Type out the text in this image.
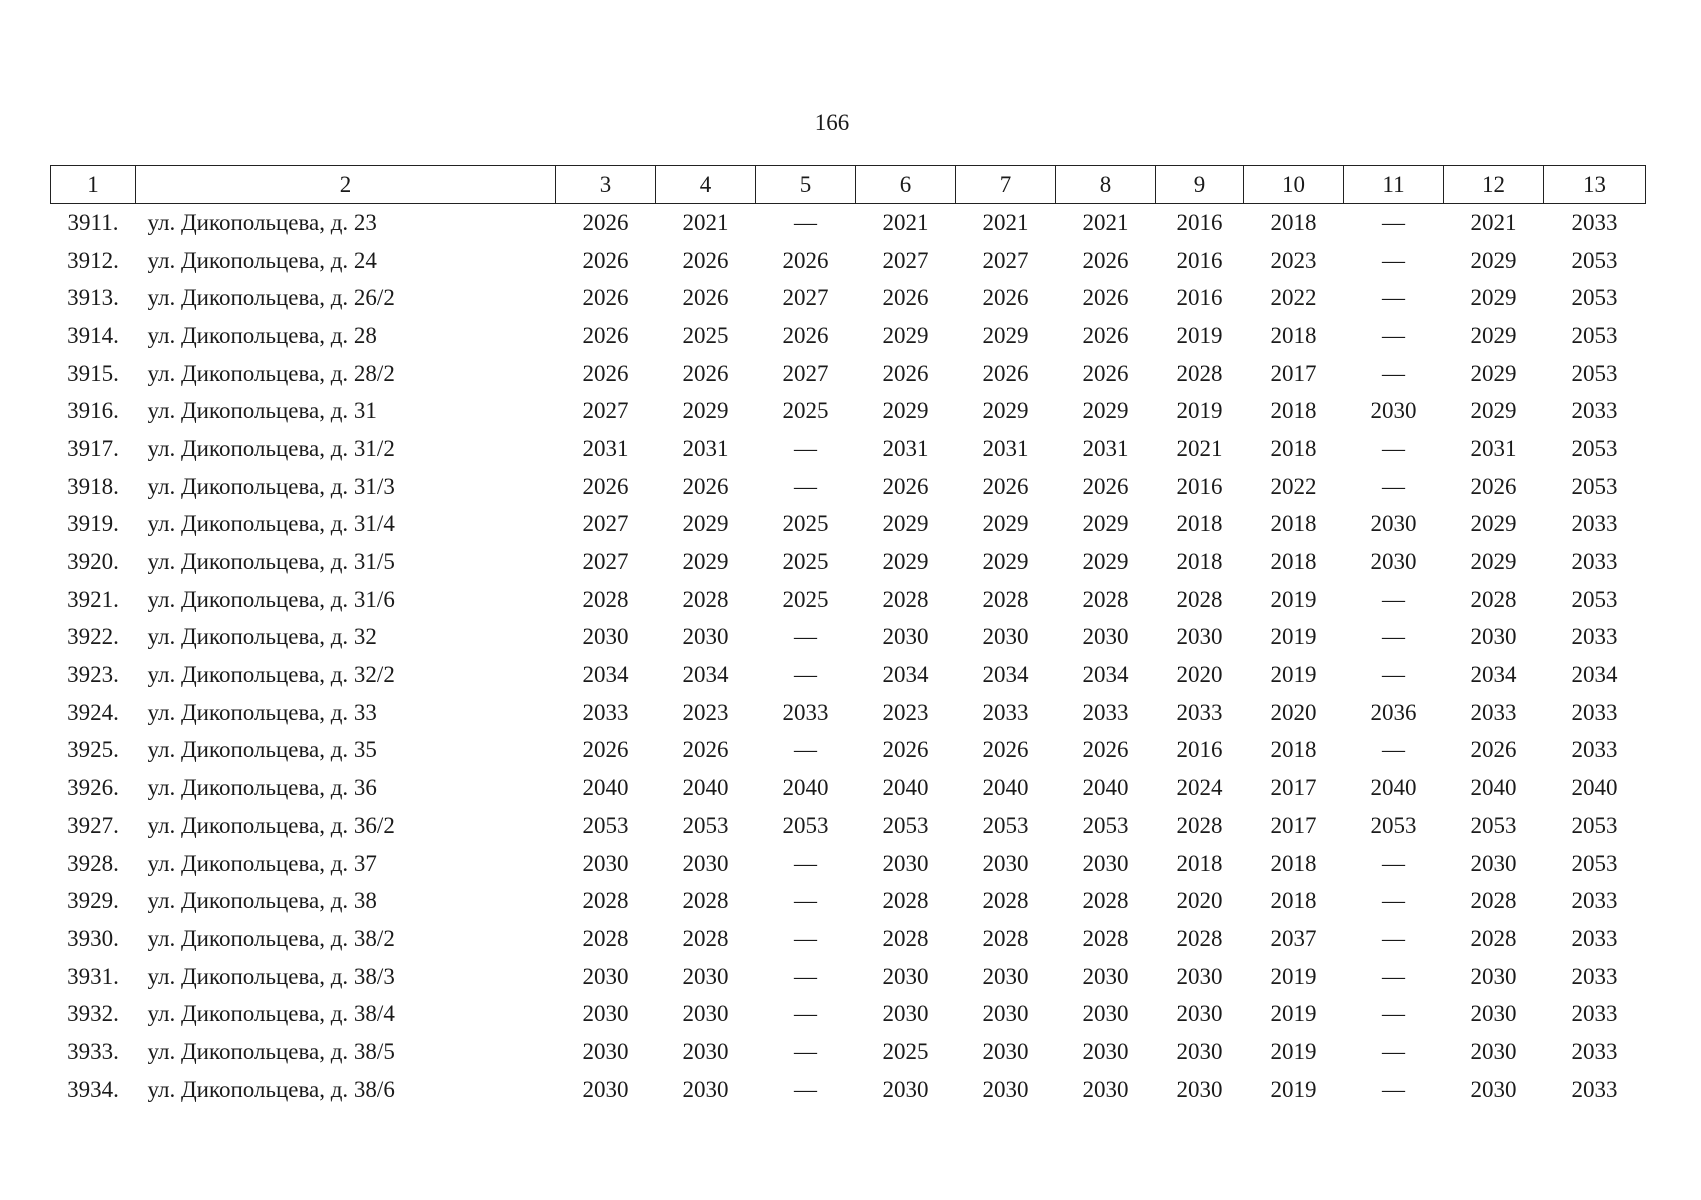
166
1	2	3	4	5	6	7	8	9	10	11	12	13
3911.	ул. Дикопольцева, д. 23	2026	2021	—	2021	2021	2021	2016	2018	—	2021	2033
3912.	ул. Дикопольцева, д. 24	2026	2026	2026	2027	2027	2026	2016	2023	—	2029	2053
3913.	ул. Дикопольцева, д. 26/2	2026	2026	2027	2026	2026	2026	2016	2022	—	2029	2053
3914.	ул. Дикопольцева, д. 28	2026	2025	2026	2029	2029	2026	2019	2018	—	2029	2053
3915.	ул. Дикопольцева, д. 28/2	2026	2026	2027	2026	2026	2026	2028	2017	—	2029	2053
3916.	ул. Дикопольцева, д. 31	2027	2029	2025	2029	2029	2029	2019	2018	2030	2029	2033
3917.	ул. Дикопольцева, д. 31/2	2031	2031	—	2031	2031	2031	2021	2018	—	2031	2053
3918.	ул. Дикопольцева, д. 31/3	2026	2026	—	2026	2026	2026	2016	2022	—	2026	2053
3919.	ул. Дикопольцева, д. 31/4	2027	2029	2025	2029	2029	2029	2018	2018	2030	2029	2033
3920.	ул. Дикопольцева, д. 31/5	2027	2029	2025	2029	2029	2029	2018	2018	2030	2029	2033
3921.	ул. Дикопольцева, д. 31/6	2028	2028	2025	2028	2028	2028	2028	2019	—	2028	2053
3922.	ул. Дикопольцева, д. 32	2030	2030	—	2030	2030	2030	2030	2019	—	2030	2033
3923.	ул. Дикопольцева, д. 32/2	2034	2034	—	2034	2034	2034	2020	2019	—	2034	2034
3924.	ул. Дикопольцева, д. 33	2033	2023	2033	2023	2033	2033	2033	2020	2036	2033	2033
3925.	ул. Дикопольцева, д. 35	2026	2026	—	2026	2026	2026	2016	2018	—	2026	2033
3926.	ул. Дикопольцева, д. 36	2040	2040	2040	2040	2040	2040	2024	2017	2040	2040	2040
3927.	ул. Дикопольцева, д. 36/2	2053	2053	2053	2053	2053	2053	2028	2017	2053	2053	2053
3928.	ул. Дикопольцева, д. 37	2030	2030	—	2030	2030	2030	2018	2018	—	2030	2053
3929.	ул. Дикопольцева, д. 38	2028	2028	—	2028	2028	2028	2020	2018	—	2028	2033
3930.	ул. Дикопольцева, д. 38/2	2028	2028	—	2028	2028	2028	2028	2037	—	2028	2033
3931.	ул. Дикопольцева, д. 38/3	2030	2030	—	2030	2030	2030	2030	2019	—	2030	2033
3932.	ул. Дикопольцева, д. 38/4	2030	2030	—	2030	2030	2030	2030	2019	—	2030	2033
3933.	ул. Дикопольцева, д. 38/5	2030	2030	—	2025	2030	2030	2030	2019	—	2030	2033
3934.	ул. Дикопольцева, д. 38/6	2030	2030	—	2030	2030	2030	2030	2019	—	2030	2033
